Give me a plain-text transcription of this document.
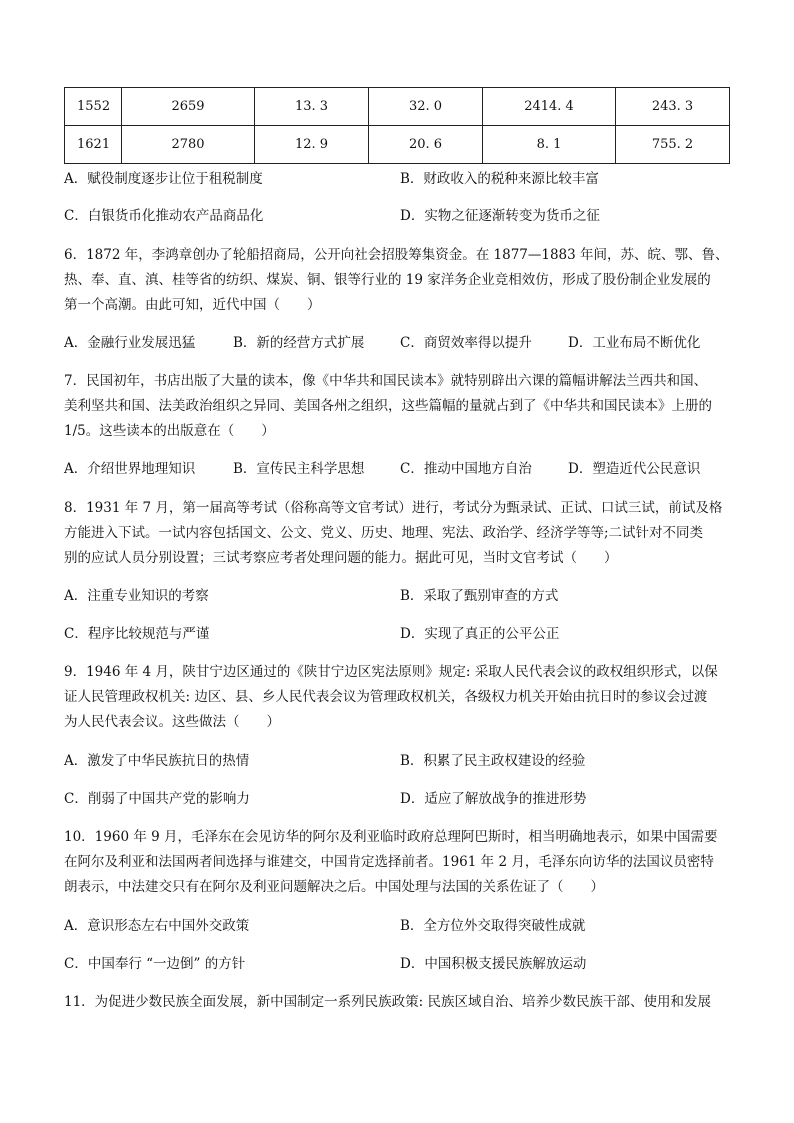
1552	2659	13. 3	32. 0	2414. 4	243. 3
1621	2780	12. 9	20. 6	8. 1	755. 2
A．赋役制度逐步让位于租税制度	B．财政收入的税种来源比较丰富
C．白银货币化推动农产品商品化	D．实物之征逐渐转变为货币之征
6．1872 年，李鸿章创办了轮船招商局，公开向社会招股筹集资金。在 1877—1883 年间，苏、皖、鄂、鲁、
热、奉、直、滇、桂等省的纺织、煤炭、铜、银等行业的 19 家洋务企业竞相效仿，形成了股份制企业发展的
第一个高潮。由此可知，近代中国（　　）
A．金融行业发展迅猛	B．新的经营方式扩展	C．商贸效率得以提升	D．工业布局不断优化
7．民国初年，书店出版了大量的读本，像《中华共和国民读本》就特别辟出六课的篇幅讲解法兰西共和国、
美利坚共和国、法美政治组织之异同、美国各州之组织，这些篇幅的量就占到了《中华共和国民读本》上册的
1/5。这些读本的出版意在（　　）
A．介绍世界地理知识	B．宣传民主科学思想	C．推动中国地方自治	D．塑造近代公民意识
8．1931 年 7 月，第一届高等考试（俗称高等文官考试）进行，考试分为甄录试、正试、口试三试，前试及格
方能进入下试。一试内容包括国文、公文、党义、历史、地理、宪法、政治学、经济学等等;二试针对不同类
别的应试人员分别设置；三试考察应考者处理问题的能力。据此可见，当时文官考试（　　）
A．注重专业知识的考察	B．采取了甄别审查的方式
C．程序比较规范与严谨	D．实现了真正的公平公正
9．1946 年 4 月，陕甘宁边区通过的《陕甘宁边区宪法原则》规定: 采取人民代表会议的政权组织形式，以保
证人民管理政权机关: 边区、县、乡人民代表会议为管理政权机关，各级权力机关开始由抗日时的参议会过渡
为人民代表会议。这些做法（　　）
A．激发了中华民族抗日的热情	B．积累了民主政权建设的经验
C．削弱了中国共产党的影响力	D．适应了解放战争的推进形势
10．1960 年 9 月，毛泽东在会见访华的阿尔及利亚临时政府总理阿巴斯时，相当明确地表示，如果中国需要
在阿尔及利亚和法国两者间选择与谁建交，中国肯定选择前者。1961 年 2 月，毛泽东向访华的法国议员密特
朗表示，中法建交只有在阿尔及利亚问题解决之后。中国处理与法国的关系佐证了（　　）
A．意识形态左右中国外交政策	B．全方位外交取得突破性成就
C．中国奉行 “一边倒” 的方针	D．中国积极支援民族解放运动
11．为促进少数民族全面发展，新中国制定一系列民族政策: 民族区域自治、培养少数民族干部、使用和发展
